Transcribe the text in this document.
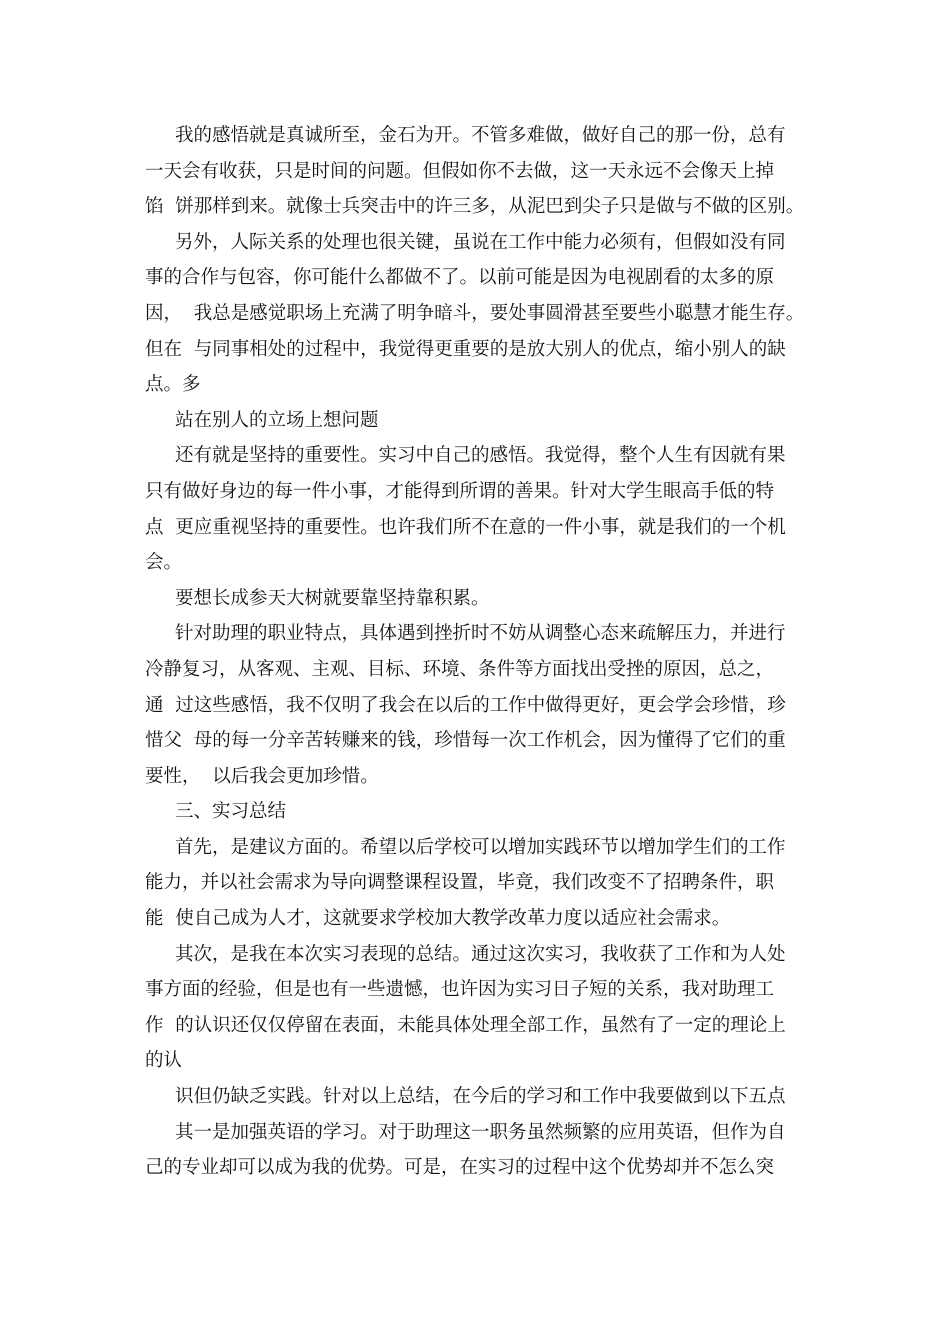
我的感悟就是真诚所至，金石为开。不管多难做，做好自己的那一份，总有
一天会有收获，只是时间的问题。但假如你不去做，这一天永远不会像天上掉
馅  饼那样到来。就像士兵突击中的许三多，从泥巴到尖子只是做与不做的区别。
另外，人际关系的处理也很关键，虽说在工作中能力必须有，但假如没有同
事的合作与包容，你可能什么都做不了。以前可能是因为电视剧看的太多的原
因，  我总是感觉职场上充满了明争暗斗，要处事圆滑甚至要些小聪慧才能生存。
但在  与同事相处的过程中，我觉得更重要的是放大别人的优点，缩小别人的缺
点。多
站在别人的立场上想问题
还有就是坚持的重要性。实习中自己的感悟。我觉得，整个人生有因就有果
只有做好身边的每一件小事，才能得到所谓的善果。针对大学生眼高手低的特
点  更应重视坚持的重要性。也许我们所不在意的一件小事，就是我们的一个机
会。
要想长成参天大树就要靠坚持靠积累。
针对助理的职业特点，具体遇到挫折时不妨从调整心态来疏解压力，并进行
冷静复习，从客观、主观、目标、环境、条件等方面找出受挫的原因，总之，
通  过这些感悟，我不仅明了我会在以后的工作中做得更好，更会学会珍惜，珍
惜父  母的每一分辛苦转赚来的钱，珍惜每一次工作机会，因为懂得了它们的重
要性，  以后我会更加珍惜。
三、实习总结
首先，是建议方面的。希望以后学校可以增加实践环节以增加学生们的工作
能力，并以社会需求为导向调整课程设置，毕竟，我们改变不了招聘条件，职
能  使自己成为人才，这就要求学校加大教学改革力度以适应社会需求。
其次，是我在本次实习表现的总结。通过这次实习，我收获了工作和为人处
事方面的经验，但是也有一些遗憾，也许因为实习日子短的关系，我对助理工
作  的认识还仅仅停留在表面，未能具体处理全部工作，虽然有了一定的理论上
的认
识但仍缺乏实践。针对以上总结，在今后的学习和工作中我要做到以下五点
其一是加强英语的学习。对于助理这一职务虽然频繁的应用英语，但作为自
己的专业却可以成为我的优势。可是，在实习的过程中这个优势却并不怎么突
